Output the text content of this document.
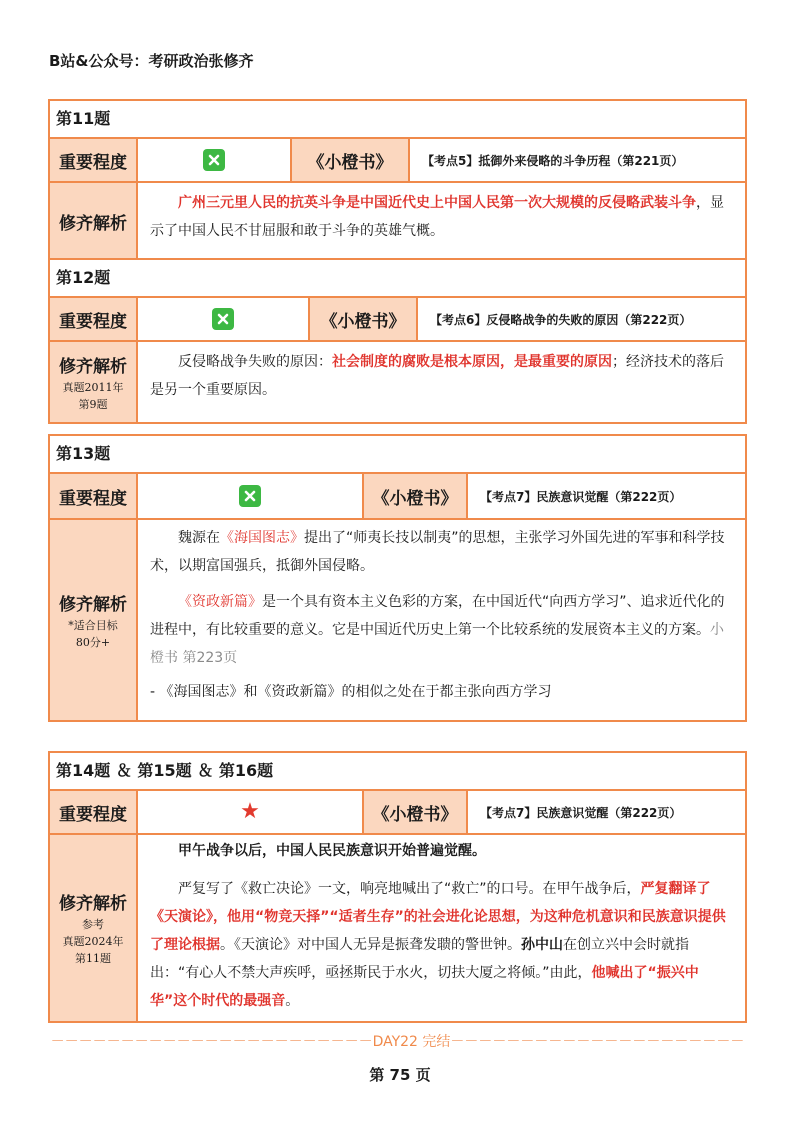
B站&公众号：考研政治张修齐
第11题
重要程度	《小橙书》	【考点5】抵御外来侵略的斗争历程（第221页）
修齐解析

广州三元里人民的抗英斗争是中国近代史上中国人民第一次大规模的反侵略武装斗争，显示了中国人民不甘屈服和敢于斗争的英雄气概。

第12题
重要程度	《小橙书》	【考点6】反侵略战争的失败的原因（第222页）
修齐解析
真题2011年
第9题

反侵略战争失败的原因：社会制度的腐败是根本原因，是最重要的原因；经济技术的落后是另一个重要原因。

第13题
重要程度	《小橙书》	【考点7】民族意识觉醒（第222页）
修齐解析
*适合目标
80分+

魏源在《海国图志》提出了“师夷长技以制夷”的思想，主张学习外国先进的军事和科学技术，以期富国强兵，抵御外国侵略。

《资政新篇》是一个具有资本主义色彩的方案，在中国近代“向西方学习”、追求近代化的进程中，有比较重要的意义。它是中国近代历史上第一个比较系统的发展资本主义的方案。小橙书 第223页

- 《海国图志》和《资政新篇》的相似之处在于都主张向西方学习

第14题 ＆ 第15题 ＆ 第16题
重要程度	★	《小橙书》	【考点7】民族意识觉醒（第222页）
修齐解析
参考
真题2024年
第11题

甲午战争以后，中国人民民族意识开始普遍觉醒。

严复写了《救亡决论》一文，响亮地喊出了“救亡”的口号。在甲午战争后，严复翻译了《天演论》，他用“物竞天择”“适者生存”的社会进化论思想，为这种危机意识和民族意识提供了理论根据。《天演论》对中国人无异是振聋发聩的警世钟。孙中山在创立兴中会时就指出：“有心人不禁大声疾呼，亟拯斯民于水火，切扶大厦之将倾。”由此，他喊出了“振兴中华”这个时代的最强音。

－－－－－－－－－－－－－－－－－－－－－－－DAY22 完结－－－－－－－－－－－－－－－－－－－－－
第 75 页
